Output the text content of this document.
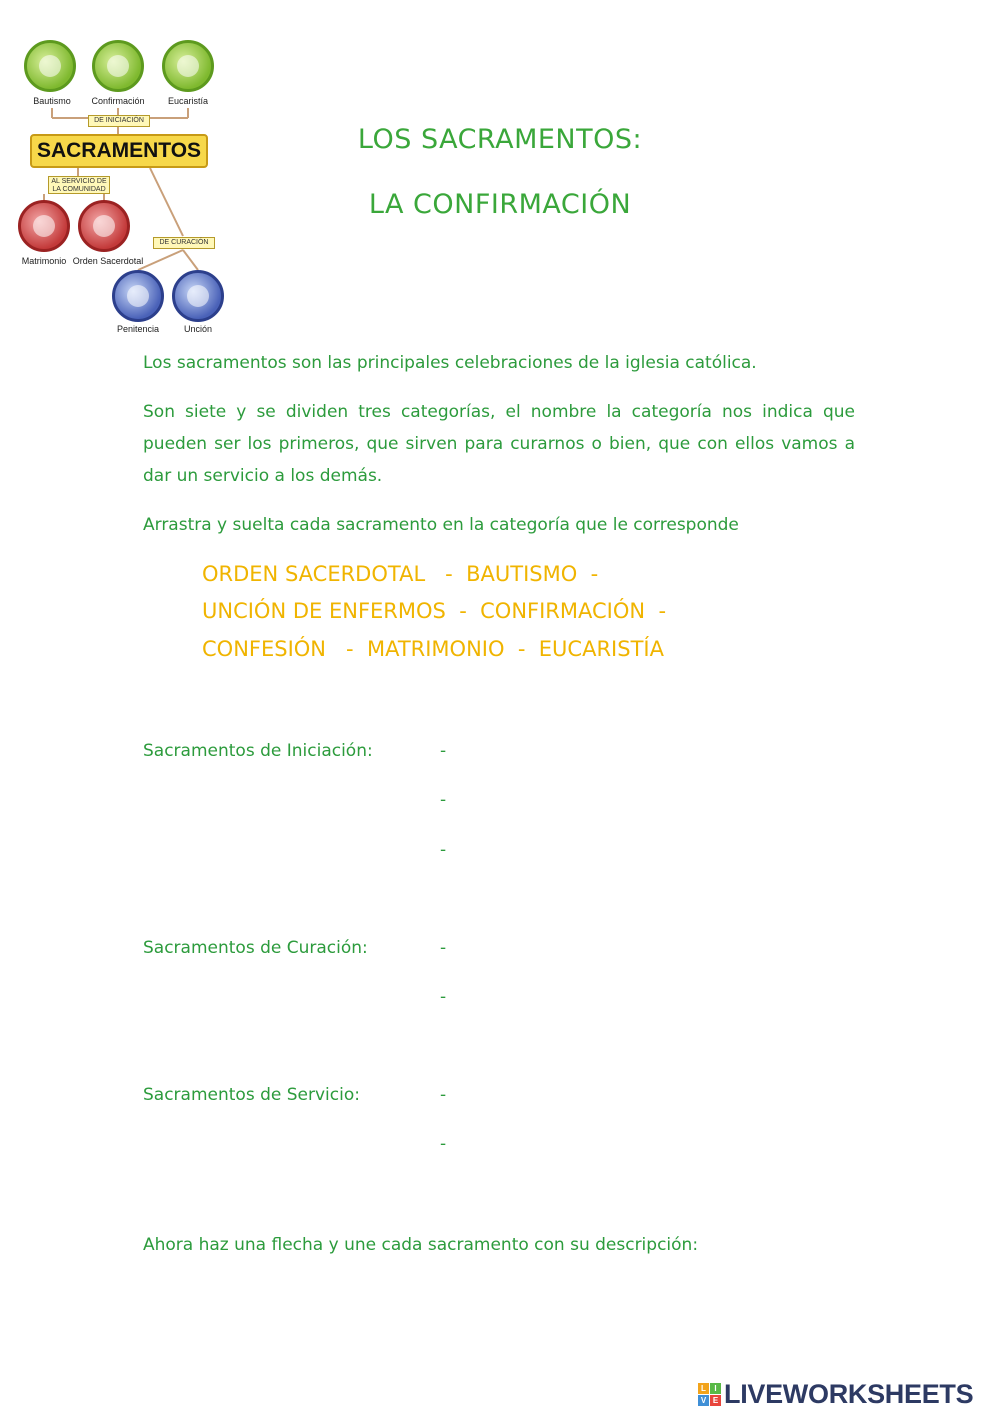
Bautismo	Confirmación	Eucaristía
DE INICIACIÓN
SACRAMENTOS
AL SERVICIO DE LA COMUNIDAD
Matrimonio Orden Sacerdotal
DE CURACIÓN
Penitencia	Unción
LOS SACRAMENTOS:
LA CONFIRMACIÓN
Los sacramentos son las principales celebraciones de la iglesia católica.
Son siete y se dividen tres categorías, el nombre la categoría nos indica que pueden ser los primeros, que sirven para curarnos o bien, que con ellos vamos a dar un servicio a los demás.
Arrastra y suelta cada sacramento en la categoría que le corresponde
ORDEN SACERDOTAL   -  BAUTISMO  -
UNCIÓN DE ENFERMOS  -  CONFIRMACIÓN  -
CONFESIÓN   -  MATRIMONIO  -  EUCARISTÍA
Sacramentos de Iniciación:	-
-
-
Sacramentos de Curación:	-
-
Sacramentos de Servicio:	-
-
Ahora haz una flecha y une cada sacramento con su descripción:
L	I
V E LIVEWORKSHEETS
